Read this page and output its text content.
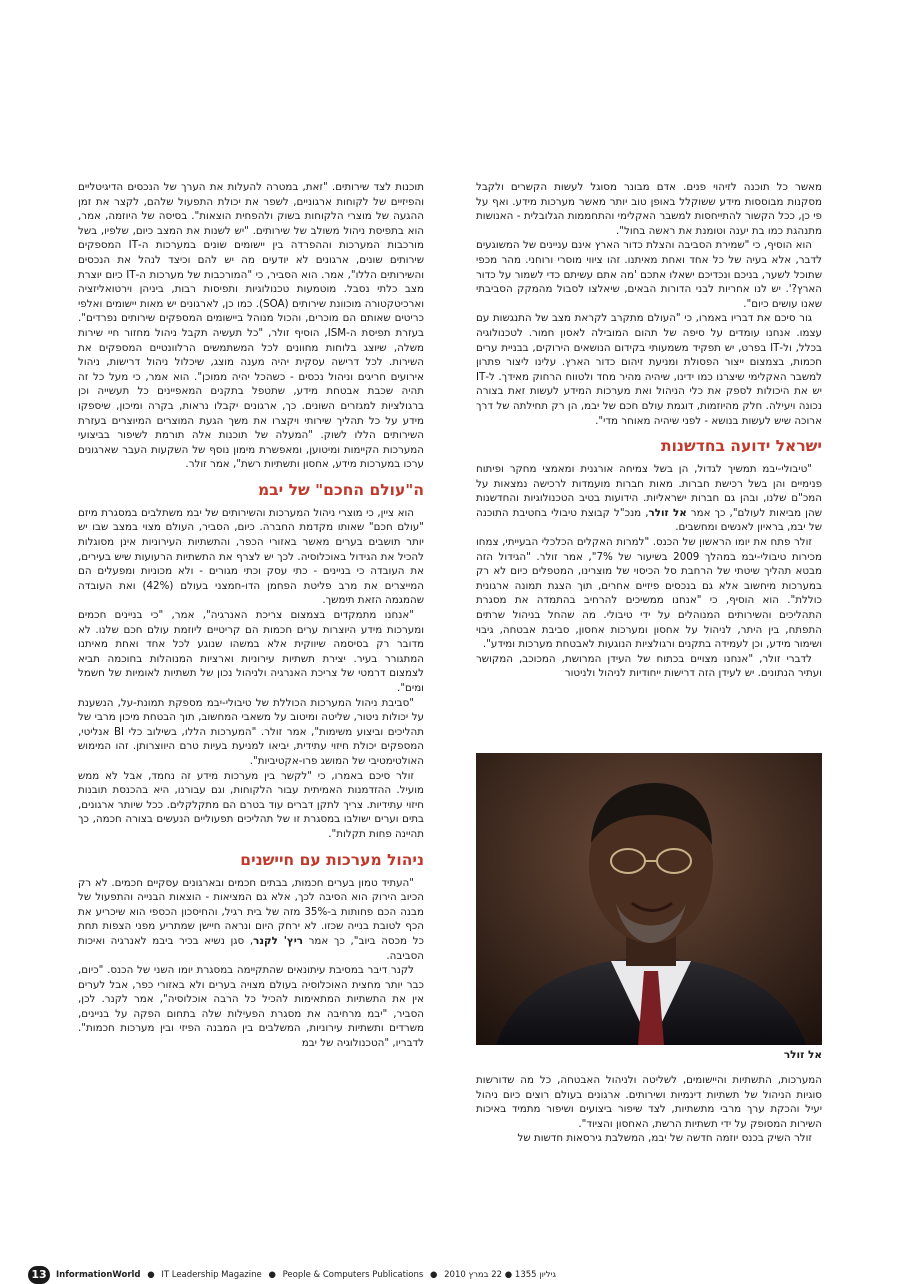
מאשר כל תוכנה לזיהוי פנים. אדם מבונר מסוגל לעשות הקשרים ולקבל מסקנות מבוססות מידע ששוקלל באופן טוב יותר מאשר מערכות מידע. ואף על פי כן, ככל הקשור להתייחסות למשבר האקלימי והתחממות הגלובלית - האנושות מתנהגת כמו בת יענה וטומנת את ראשה בחול".

הוא הוסיף, כי "שמירת הסביבה והצלת כדור הארץ אינם עניינים של המשוגעים לדבר, אלא בעיה של כל אחד ואחת מאיתנו. זהו ציווי מוסרי ורוחני. מהר מכפי שתוכל לשער, בניכם ונכדיכם ישאלו אתכם 'מה אתם עשיתם כדי לשמור על כדור הארץ?'. יש לנו אחריות לבני הדורות הבאים, שיאלצו לסבול מהמקק הסביבתי שאנו עושים כיום".

גור סיכם את דבריו באמרו, כי "העולם מתקרב לקראת מצב של התנגשות עם עצמו. אנחנו עומדים על סיפה של תהום המובילה לאסון חמור. לטכנולוגיה בכלל, ול-IT בפרט, יש תפקיד משמעותי בקידום הנושאים הירוקים, בבניית ערים חכמות, בצמצום ייצור הפסולת ומניעת זיהום כדור הארץ. עלינו ליצור פתרון למשבר האקלימי שיצרנו כמו ידינו, שיהיה מהיר מחד ולטווח הרחוק מאידך. ל-IT יש את היכולות לספק את כלי הניהול ואת מערכות המידע לעשות זאת בצורה נכונה ויעילה. חלק מהיוזמות, דוגמת עולם חכם של יבמ, הן רק תחילתה של דרך ארוכה שיש לעשות בנושא - לפני שיהיה מאוחר מדי".

ישראל ידועה בחדשנות

"טיבולי-יבמ תמשיך לגדול, הן בשל צמיחה אורגנית ומאמצי מחקר ופיתוח פנימיים והן בשל רכישת חברות. מאות חברות מועמדות לרכישה נמצאות על המכ"ם שלנו, ובהן גם חברות ישראליות. הידועות בטיב הטכנולוגיות והחדשנות שהן מביאות לעולם", כך אמר אל זולר, מנכ"ל קבוצת טיבולי בחטיבת התוכנה של יבמ, בראיון לאנשים ומחשבים.

זולר פתח את יומו הראשון של הכנס. "למרות האקלים הכלכלי הבעייתי, צמחו מכירות טיבולי-יבמ במהלך 2009 בשיעור של 7%", אמר זולר. "הגידול הזה מבטא תהליך שיטתי של הרחבת סל הכיסוי של מוצרינו, המטפלים כיום לא רק במערכות מיחשוב אלא גם בנכסים פיזיים אחרים, תוך הצגת תמונה ארגונית כוללת". הוא הוסיף, כי "אנחנו ממשיכים להרחיב בהתמדה את מסגרת התהליכים והשירותים המנוהלים על ידי טיבולי. מה שהחל בניהול שרתים התפתח, בין היתר, לניהול על אחסון ומערכות אחסון, סביבת אבטחה, גיבוי ושימור מידע, וכן לעמידה בתקנים ורגולציות הנוגעות לאבטחת מערכות ומידע".

לדברי זולר, "אנחנו מצויים בכתוח של העידן המרושת, המכוכב, המקושר ועתיר הנתונים. יש לעידן הזה דרישות ייחודיות לניהול ולניטור

אל זולר

המערכות, התשתיות והיישומים, לשליטה ולניהול האבטחה, כל מה שדורשות סוגיות הניהול של תשתיות דינמיות ושירותים. ארגונים בעולם רוצים כיום ניהול יעיל והכקת ערך מרבי מתשתיות, לצד שיפור ביצועים ושיפור מתמיד באיכות השירות המסופק על ידי תשתיות הרשת, האחסון והציוד".

זולר השיק בכנס יוזמה חדשה של יבמ, המשלבת גירסאות חדשות של

תוכנות לצד שירותים. "זאת, במטרה להעלות את הערך של הנכסים הדיגיטליים והפיזיים של לקוחות ארגוניים, לשפר את יכולת התפעול שלהם, לקצר את זמן ההגעה של מוצרי הלקוחות בשוק ולהפחית הוצאות". בסיסה של היוזמה, אמר, הוא בתפיסת ניהול משולב של שירותים. "יש לשנות את המצב כיום, שלפיו, בשל מורכבות המערכות וההפרדה בין יישומים שונים במערכות ה-IT המספקים שירותים שונים, ארגונים לא יודעים מה יש להם וכיצד לנהל את הנכסים והשירותים הללו", אמר. הוא הסביר, כי "המורכבות של מערכות ה-IT כיום יוצרת מצב כלתי נסבל. מוטמעות טכנולוגיות ותפיסות רבות, ביניהן וירטואליזציה וארכיטקטורה מוכוונת שירותים (SOA). כמו כן, לארגונים יש מאות יישומים ואלפי כריטים שאותם הם מוכרים, והכול מנוהל ביישומים המספקים שירותים נפרדים". בעזרת תפיסת ה-ISM, הוסיף זולר, "כל תעשיה תקבל ניהול מחזור חיי שירות משלה, שיוצג בלוחות מחוונים לכל המשתמשים הרלוונטיים המספקים את השירות. לכל דרישה עסקית יהיה מענה מוצג, שיכלול ניהול דרישות, ניהול אירועים חריגים וניהול נכסים - כשהכל יהיה ממוכן". הוא אמר, כי מעל כל זה תהיה שכבת אבטחת מידע, שתטפל בתקנים המאפיינים כל תעשייה וכן ברגולציות למגזרים השונים. כך, ארגונים יקבלו נראות, בקרה ומיכון, שיספקו מידע על כל תהליך שירותי ויקצרו את משך הגעת המוצרים המיוצרים בעזרת השירותים הללו לשוק. "המעלה של תוכנות אלה תורמת לשיפור בביצועי המערכות הקיימות ומיטוען, ומאפשרת מימון נוסף של השקעות העבר שארגונים ערכו במערכות מידע, אחסון ותשתיות רשת", אמר זולר.

ה"עולם החכם" של יבמ

הוא ציין, כי מוצרי ניהול המערכות והשירותים של יבמ משתלבים במסגרת מיזם "עולם חכם" שאותו מקדמת החברה. כיום, הסביר, העולם מצוי במצב שבו יש יותר תושבים בערים מאשר באזורי הכפר, והתשתיות העירוניות אינן מסוגלות להכיל את הגידול באוכלוסיה. לכך יש לצרף את התשתיות הרעועות שיש בעירים, את העובדה כי בניינים - כתי עסק וכתי מגורים - ולא מכוניות ומפעלים הם המייצרים את מרב פליטת הפחמן הדו-חמצני בעולם (42%) ואת העובדה שהמגמה הזאת תימשך.

"אנחנו מתמקדים בצמצום צריכת האנרגיה", אמר, "כי בניינים חכמים ומערכות מידע היוצרות ערים חכמות הם קריטיים ליוזמת עולם חכם שלנו. לא מדובר רק בסיסמה שיווקית אלא במשהו שנוגע לכל אחד ואחת מאיתנו המתגורר בעיר. יצירת תשתיות עירוניות וארציות המנוהלות בחוכמה תביא לצמצום דרמטי של צריכת האנרגיה ולניהול נכון של תשתיות לאומיות של חשמל ומים".

"סביבת ניהול המערכות הכוללת של טיבולי-יבמ מספקת תמונת-על, הנשענת על יכולות ניטור, שליטה ומיטוב על משאבי המחשוב, תוך הבטחת מיכון מרבי של תהליכים וביצוע משימות", אמר זולר. "המערכות הללו, בשילוב כלי BI אנליטי, המספקים יכולת חיזוי עתידית, יביאו למניעת בעיות טרם היווצרותן. זהו המימוש האולטימטיבי של המושג פרו-אקטיביות".

זולר סיכם באמרו, כי "לקשר בין מערכות מידע זה נחמד, אבל לא ממש מועיל. ההזדמנות האמיתית עבור הלקוחות, וגם עבורנו, היא בהכנסת תובנות חיזוי עתידיות. צריך לתקן דברים עוד בטרם הם מתקלקלים. ככל שיותר ארגונים, בתים וערים ישולבו במסגרת זו של תהליכים תפעוליים הנעשים בצורה חכמה, כך תהיינה פחות תקלות".

ניהול מערכות עם חיישנים

"העתיד טמון בערים חכמות, בבתים חכמים ובארגונים עסקיים חכמים. לא רק הכיוב הירוק הוא הסיבה לכך, אלא גם המציאות - הוצאות הבנייה והתפעול של מבנה הכם פחותות ב-35% מזה של בית רגיל, והחיסכון הכספי הוא שיכריע את הכף לטובת בנייה שכזו. לא ירחק היום ונראה חיישן שמתריע מפני הצפות תחת כל מכסה ביוב", כך אמר ריץ' לקנר, סגן נשיא בכיר ביבמ לאנרגיה ואיכות הסביבה.

לקנר דיבר במסיבת עיתונאים שהתקיימה במסגרת יומו השני של הכנס. "כיום, כבר יותר מחצית האוכלוסיה בעולם מצויה בערים ולא באזורי כפר, אבל לערים אין את התשתיות המתאימות להכיל כל הרבה אוכלוסיה", אמר לקנר. לכן, הסביר, "יבמ מרחיבה את מסגרת הפעילות שלה בתחום הפקה על בניינים, משרדים ותשתיות עירוניות, המשלבים בין המבנה הפיזי ובין מערכות חכמות". לדבריו, "הטכנולוגיה של יבמ

13	InformationWorld ● IT Leadership Magazine ● People & Computers Publications ● גיליון 1355 ● 22 במרץ 2010
